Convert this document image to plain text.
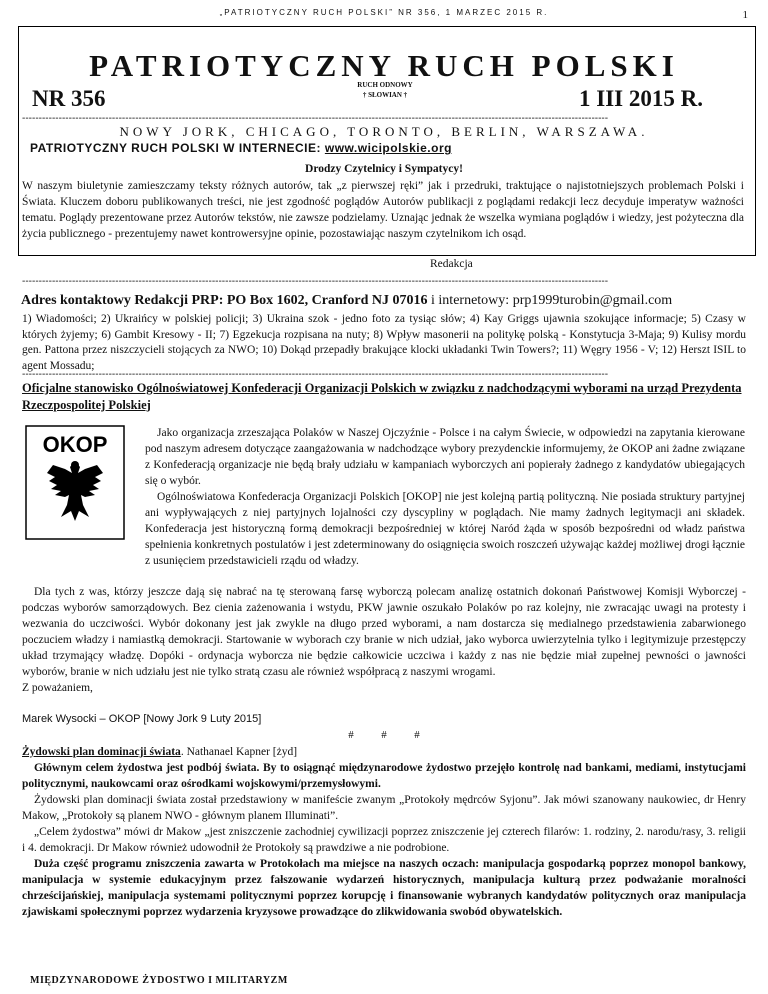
„PATRIOTYCZNY RUCH POLSKI” NR 356, 1 MARZEC 2015 R.	1
PATRIOTYCZNY RUCH POLSKI
NR 356
RUCH ODNOWY
† SŁOWIAN †	1 III 2015 R.
--------------------------------------------------------------------------------------------------------------------------------------------------------------------------------
NOWY JORK, CHICAGO, TORONTO, BERLIN, WARSZAWA.
PATRIOTYCZNY RUCH POLSKI W INTERNECIE: www.wicipolskie.org
Drodzy Czytelnicy i Sympatycy!
W naszym biuletynie zamieszczamy teksty różnych autorów, tak „z pierwszej ręki” jak i przedruki, traktujące o najistotniejszych problemach Polski i Świata. Kluczem doboru publikowanych treści, nie jest zgodność poglądów Autorów publikacji z poglądami redakcji lecz decyduje imperatyw ważności tematu. Poglądy prezentowane przez Autorów tekstów, nie zawsze podzielamy. Uznając jednak że wszelka wymiana poglądów i wiedzy, jest pożyteczna dla życia publicznego - prezentujemy nawet kontrowersyjne opinie, pozostawiając naszym czytelnikom ich osąd.
Redakcja
--------------------------------------------------------------------------------------------------------------------------------------------------------------------------------
Adres kontaktowy Redakcji PRP: PO Box 1602, Cranford NJ 07016 i internetowy: prp1999turobin@gmail.com
1) Wiadomości; 2) Ukraińcy w polskiej policji; 3) Ukraina szok - jedno foto za tysiąc słów; 4) Kay Griggs ujawnia szokujące informacje; 5) Czasy w których żyjemy; 6) Gambit Kresowy - II; 7) Egzekucja rozpisana na nuty; 8) Wpływ masonerii na politykę polską - Konstytucja 3-Maja; 9) Kulisy mordu gen. Pattona przez niszczycieli stojących za NWO; 10) Dokąd przepadły brakujące klocki układanki Twin Towers?; 11) Węgry 1956 - V; 12) Herszt ISIL to agent Mossadu;
--------------------------------------------------------------------------------------------------------------------------------------------------------------------------------
Oficjalne stanowisko Ogólnoświatowej Konfederacji Organizacji Polskich w związku z nadchodzącymi wyborami na urząd Prezydenta Rzeczpospolitej Polskiej
OKOP	Jako organizacja zrzeszająca Polaków w Naszej Ojczyźnie - Polsce i na całym Świecie, w odpowiedzi na zapytania kierowane pod naszym adresem dotyczące zaangażowania w nadchodzące wybory prezydenckie informujemy, że OKOP ani żadne związane z Konfederacją organizacje nie będą brały udziału w kampaniach wyborczych ani popierały żadnego z kandydatów ubiegających się o wybór.
Ogólnoświatowa Konfederacja Organizacji Polskich [OKOP] nie jest kolejną partią polityczną. Nie posiada struktury partyjnej ani wypływających z niej partyjnych lojalności czy dyscypliny w poglądach. Nie mamy żadnych legitymacji ani składek. Konfederacja jest historyczną formą demokracji bezpośredniej w której Naród żąda w sposób bezpośredni od władz państwa spełnienia konkretnych postulatów i jest zdeterminowany do osiągnięcia swoich roszczeń używając każdej możliwej drogi łącznie z usunięciem przedstawicieli rządu od władzy.
Dla tych z was, którzy jeszcze dają się nabrać na tę sterowaną farsę wyborczą polecam analizę ostatnich dokonań Państwowej Komisji Wyborczej - podczas wyborów samorządowych. Bez cienia zażenowania i wstydu, PKW jawnie oszukało Polaków po raz kolejny, nie zwracając uwagi na protesty i wezwania do uczciwości. Wybór dokonany jest jak zwykle na długo przed wyborami, a nam dostarcza się medialnego przedstawienia zabarwionego poczuciem władzy i namiastką demokracji. Startowanie w wyborach czy branie w nich udział, jako wyborca uwierzytelnia tylko i legitymizuje przestępczy układ trzymający władzę. Dopóki - ordynacja wyborcza nie będzie całkowicie uczciwa i każdy z nas nie będzie miał zupełnej pewności o jawności wyborów, branie w nich udziału jest nie tylko stratą czasu ale również współpracą z naszymi wrogami.
Z poważaniem,
Marek Wysocki – OKOP [Nowy Jork 9 Luty 2015]
#          #          #
Żydowski plan dominacji świata. Nathanael Kapner [żyd]
Głównym celem żydostwa jest podbój świata. By to osiągnąć międzynarodowe żydostwo przejęło kontrolę nad bankami, mediami, instytucjami politycznymi, naukowcami oraz ośrodkami wojskowymi/przemysłowymi.
Żydowski plan dominacji świata został przedstawiony w manifeście zwanym „Protokoły mędrców Syjonu”. Jak mówi szanowany naukowiec, dr Henry Makow, „Protokoły są planem NWO - głównym planem Illuminati”.
„Celem żydostwa” mówi dr Makow „jest zniszczenie zachodniej cywilizacji poprzez zniszczenie jej czterech filarów: 1. rodziny, 2. narodu/rasy, 3. religii i 4. demokracji. Dr Makow również udowodnił że Protokoły są prawdziwe a nie podrobione.
Duża część programu zniszczenia zawarta w Protokołach ma miejsce na naszych oczach: manipulacja gospodarką poprzez monopol bankowy, manipulacja w systemie edukacyjnym przez fałszowanie wydarzeń historycznych, manipulacja kulturą przez podważanie moralności chrześcijańskiej, manipulacja systemami politycznymi poprzez korupcję i finansowanie wybranych kandydatów politycznych oraz manipulacja zjawiskami społecznymi poprzez wydarzenia kryzysowe prowadzące do zlikwidowania swobód obywatelskich.
MIĘDZYNARODOWE ŻYDOSTWO I MILITARYZM
